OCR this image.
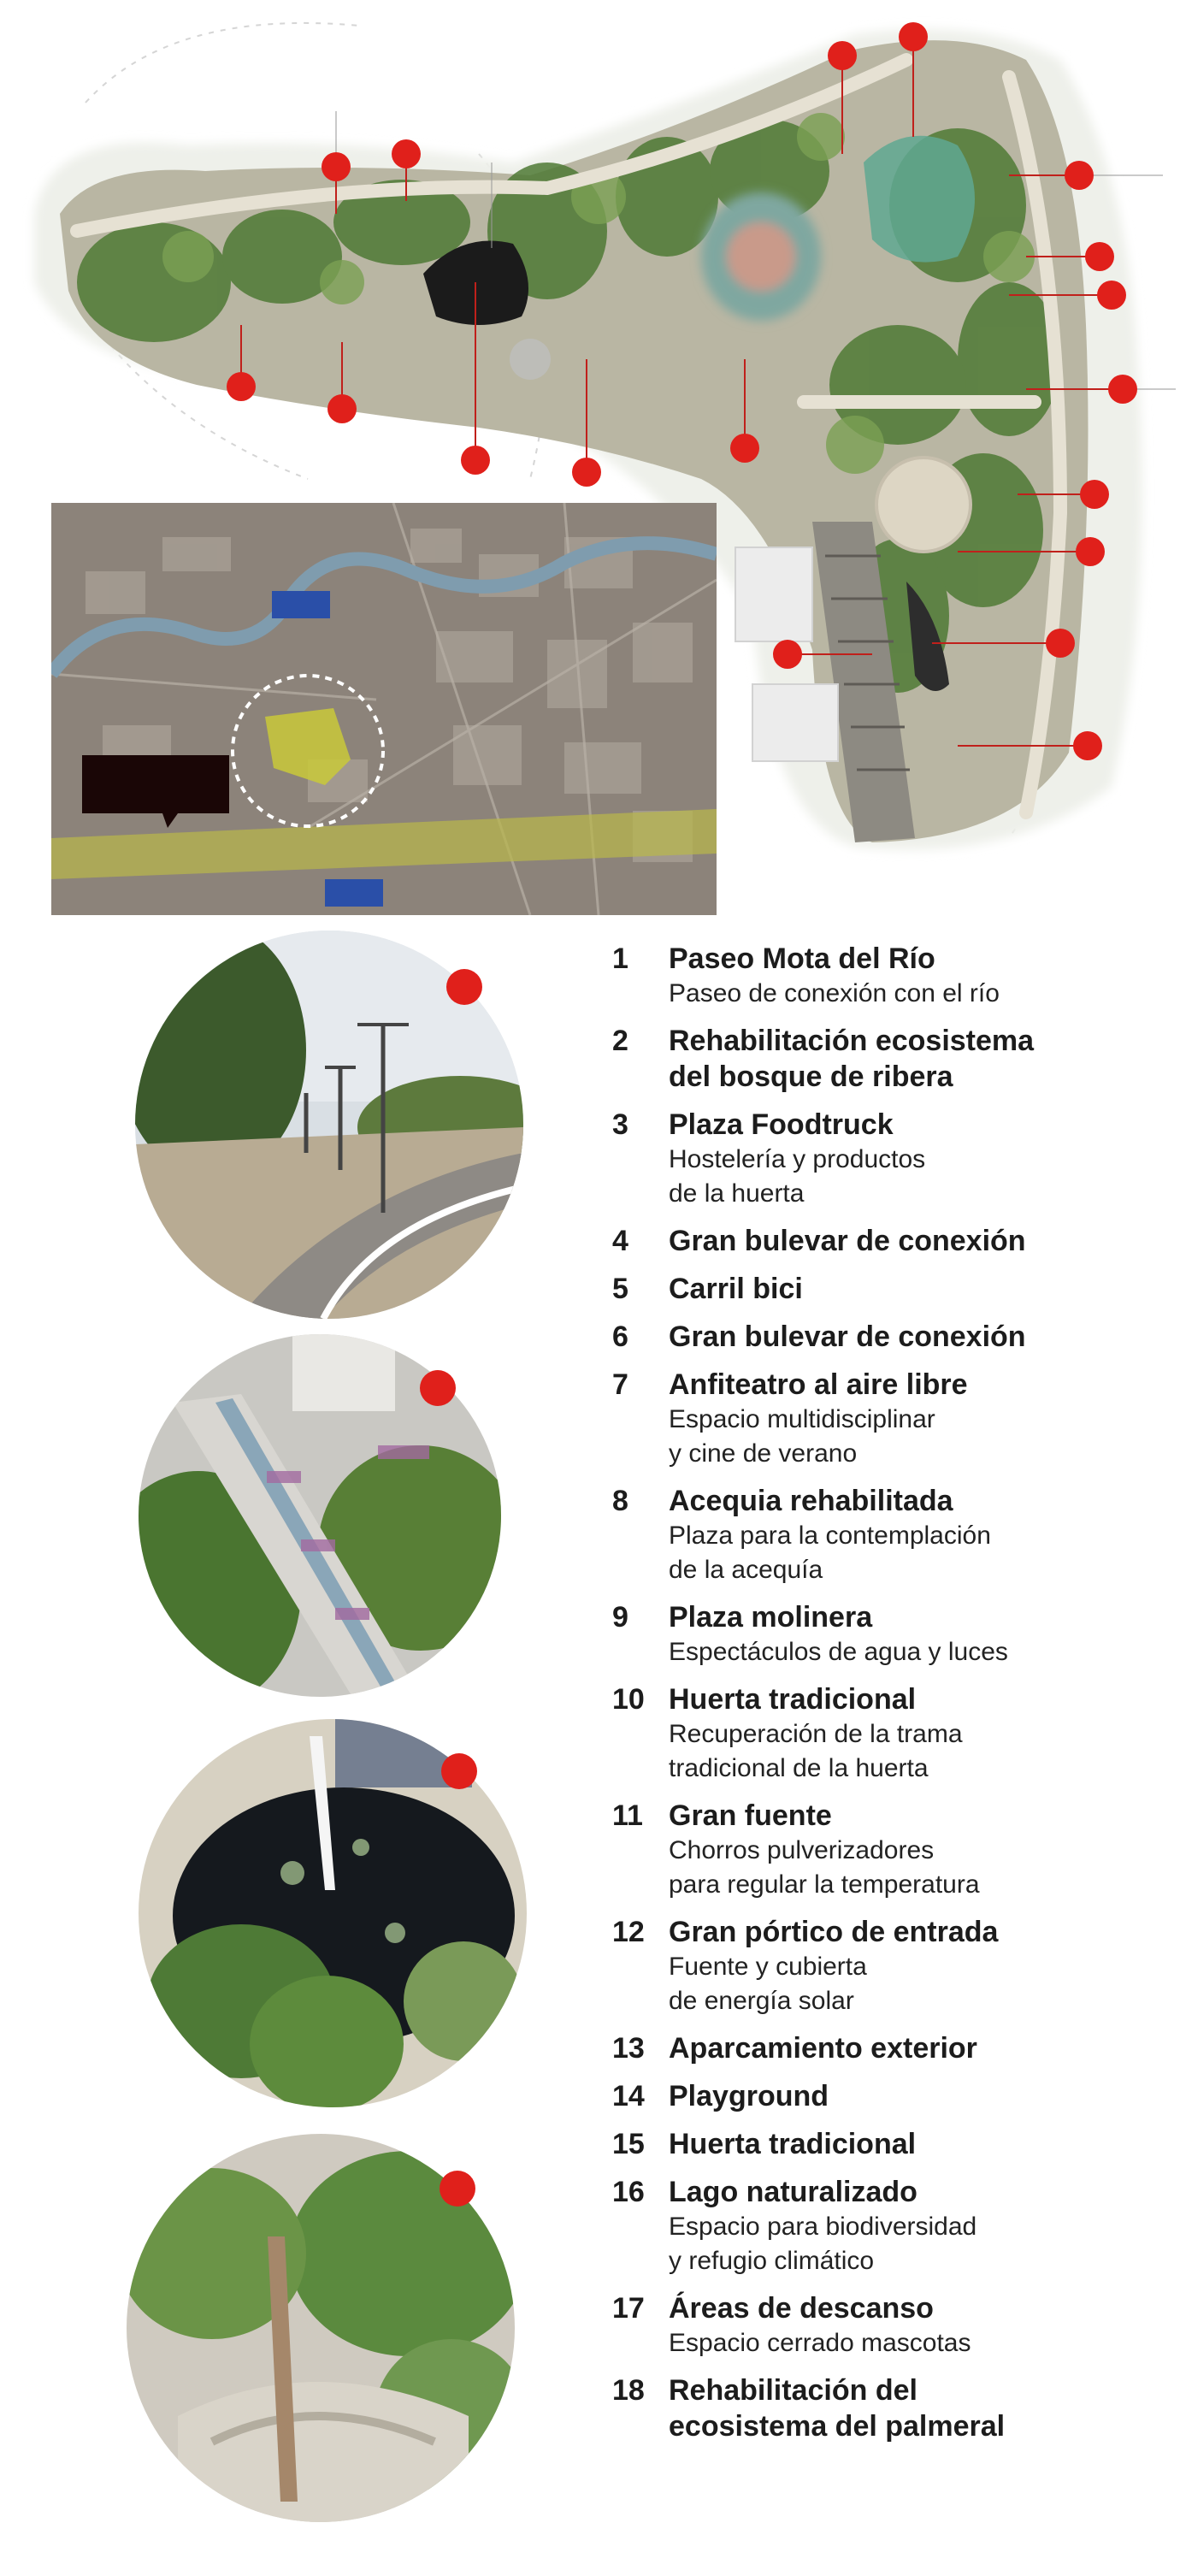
1 Paseo Mota del Río
Paseo de conexión con el río
2 Rehabilitación ecosistema
del bosque de ribera
3 Plaza Foodtruck
Hostelería y productos
de la huerta
4 Gran bulevar de conexión
5 Carril bici
6 Gran bulevar de conexión
7 Anfiteatro al aire libre
Espacio multidisciplinar
y cine de verano
8 Acequia rehabilitada
Plaza para la contemplación
de la acequía
9 Plaza molinera
Espectáculos de agua y luces
10 Huerta tradicional
Recuperación de la trama
tradicional de la huerta
11 Gran fuente
Chorros pulverizadores
para regular la temperatura
12 Gran pórtico de entrada
Fuente y cubierta
de energía solar
13 Aparcamiento exterior
14 Playground
15 Huerta tradicional
16 Lago naturalizado
Espacio para biodiversidad
y refugio climático
17 Áreas de descanso
Espacio cerrado mascotas
18 Rehabilitación del
ecosistema del palmeral
